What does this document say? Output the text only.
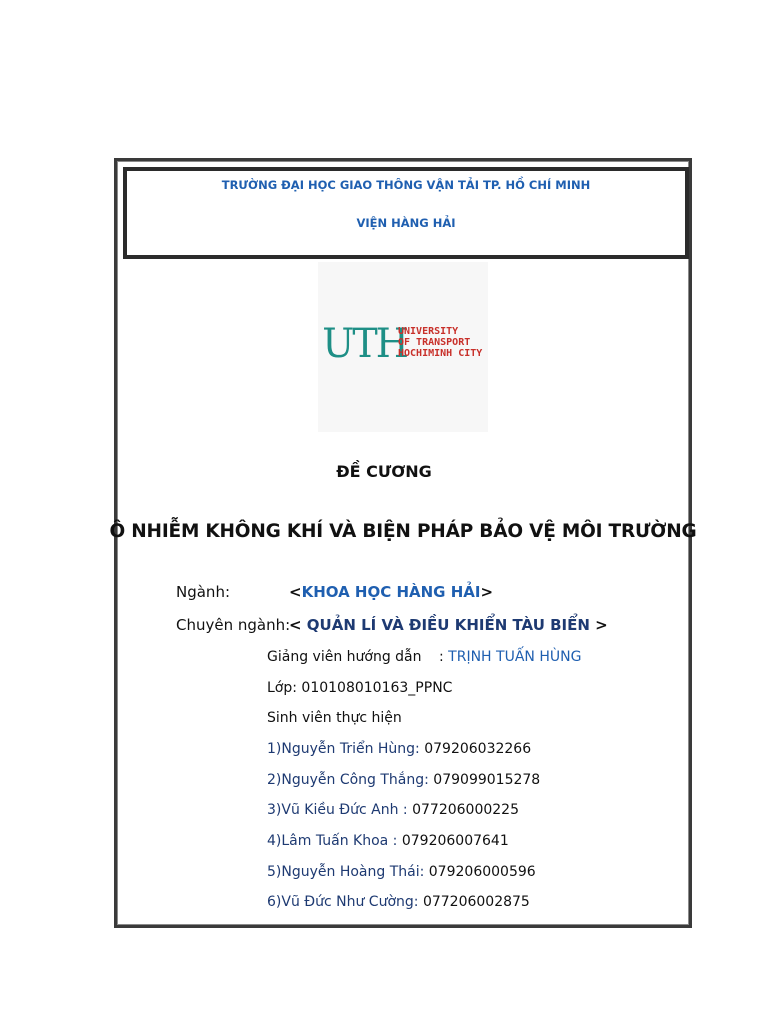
TRƯỜNG ĐẠI HỌC GIAO THÔNG VẬN TẢI TP. HỒ CHÍ MINH
VIỆN HÀNG HẢI
UTH
UNIVERSITY
OF TRANSPORT
HOCHIMINH CITY
ĐỀ CƯƠNG
Ô NHIỄM KHÔNG KHÍ VÀ BIỆN PHÁP BẢO VỆ MÔI TRƯỜNG
Ngành:	<KHOA HỌC HÀNG HẢI>
Chuyên ngành:
< QUẢN LÍ VÀ ĐIỀU KHIỂN TÀU BIỂN >
Giảng viên hướng dẫn : TRỊNH TUẤN HÙNG
Lớp: 010108010163_PPNC
Sinh viên thực hiện
1)Nguyễn Triển Hùng: 079206032266
2)Nguyễn Công Thắng: 079099015278
3)Vũ Kiều Đức Anh : 077206000225
4)Lâm Tuấn Khoa : 079206007641
5)Nguyễn Hoàng Thái: 079206000596
6)Vũ Đức Như Cường: 077206002875
